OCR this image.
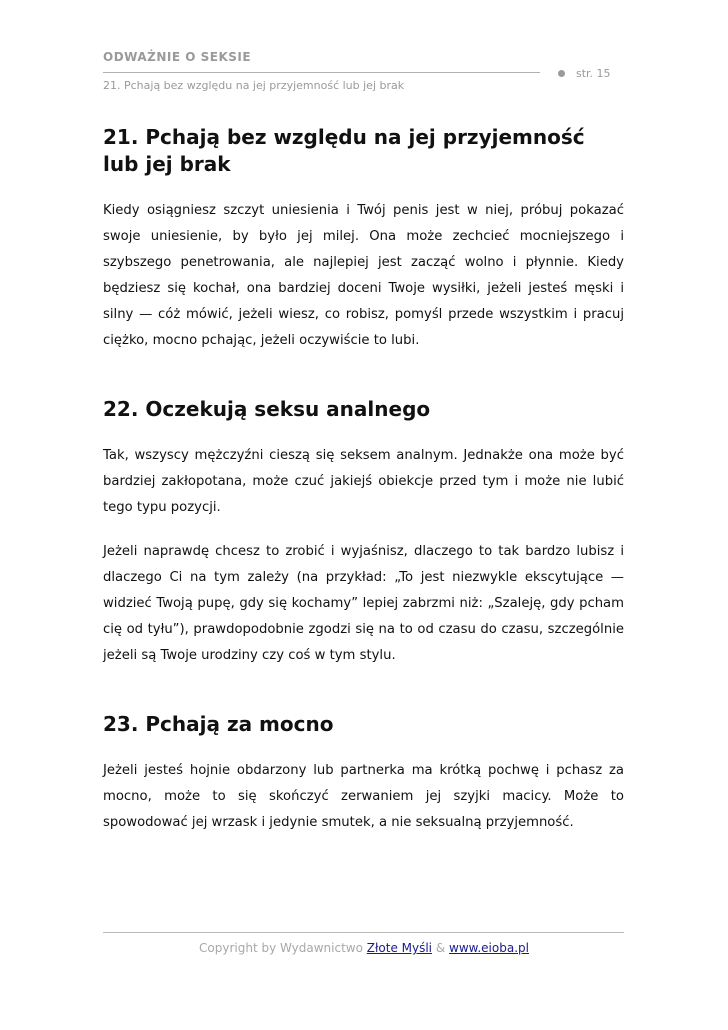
ODWAŻNIE O SEKSIE
str. 15
21. Pchają bez względu na jej przyjemność lub jej brak
21. Pchają bez względu na jej przyjemność lub jej brak

Kiedy osiągniesz szczyt uniesienia i Twój penis jest w niej, próbuj pokazać swoje uniesienie, by było jej milej. Ona może zechcieć mocniejszego i szybszego penetrowania, ale najlepiej jest zacząć wolno i płynnie. Kiedy będziesz się kochał, ona bardziej doceni Twoje wysiłki, jeżeli jesteś męski i silny — cóż mówić, jeżeli wiesz, co robisz, pomyśl przede wszystkim i pracuj ciężko, mocno pchając, jeżeli oczywiście to lubi.

22. Oczekują seksu analnego

Tak, wszyscy mężczyźni cieszą się seksem analnym. Jednakże ona może być bardziej zakłopotana, może czuć jakiejś obiekcje przed tym i może nie lubić tego typu pozycji.

Jeżeli naprawdę chcesz to zrobić i wyjaśnisz, dlaczego to tak bardzo lubisz i dlaczego Ci na tym zależy (na przykład: „To jest niezwykle ekscytujące — widzieć Twoją pupę, gdy się kochamy” lepiej zabrzmi niż: „Szaleję, gdy pcham cię od tyłu”), prawdopodobnie zgodzi się na to od czasu do czasu, szczególnie jeżeli są Twoje urodziny czy coś w tym stylu.

23. Pchają za mocno

Jeżeli jesteś hojnie obdarzony lub partnerka ma krótką pochwę i pchasz za mocno, może to się skończyć zerwaniem jej szyjki macicy. Może to spowodować jej wrzask i jedynie smutek, a nie seksualną przyjemność.

Copyright by Wydawnictwo Złote Myśli & www.eioba.pl
